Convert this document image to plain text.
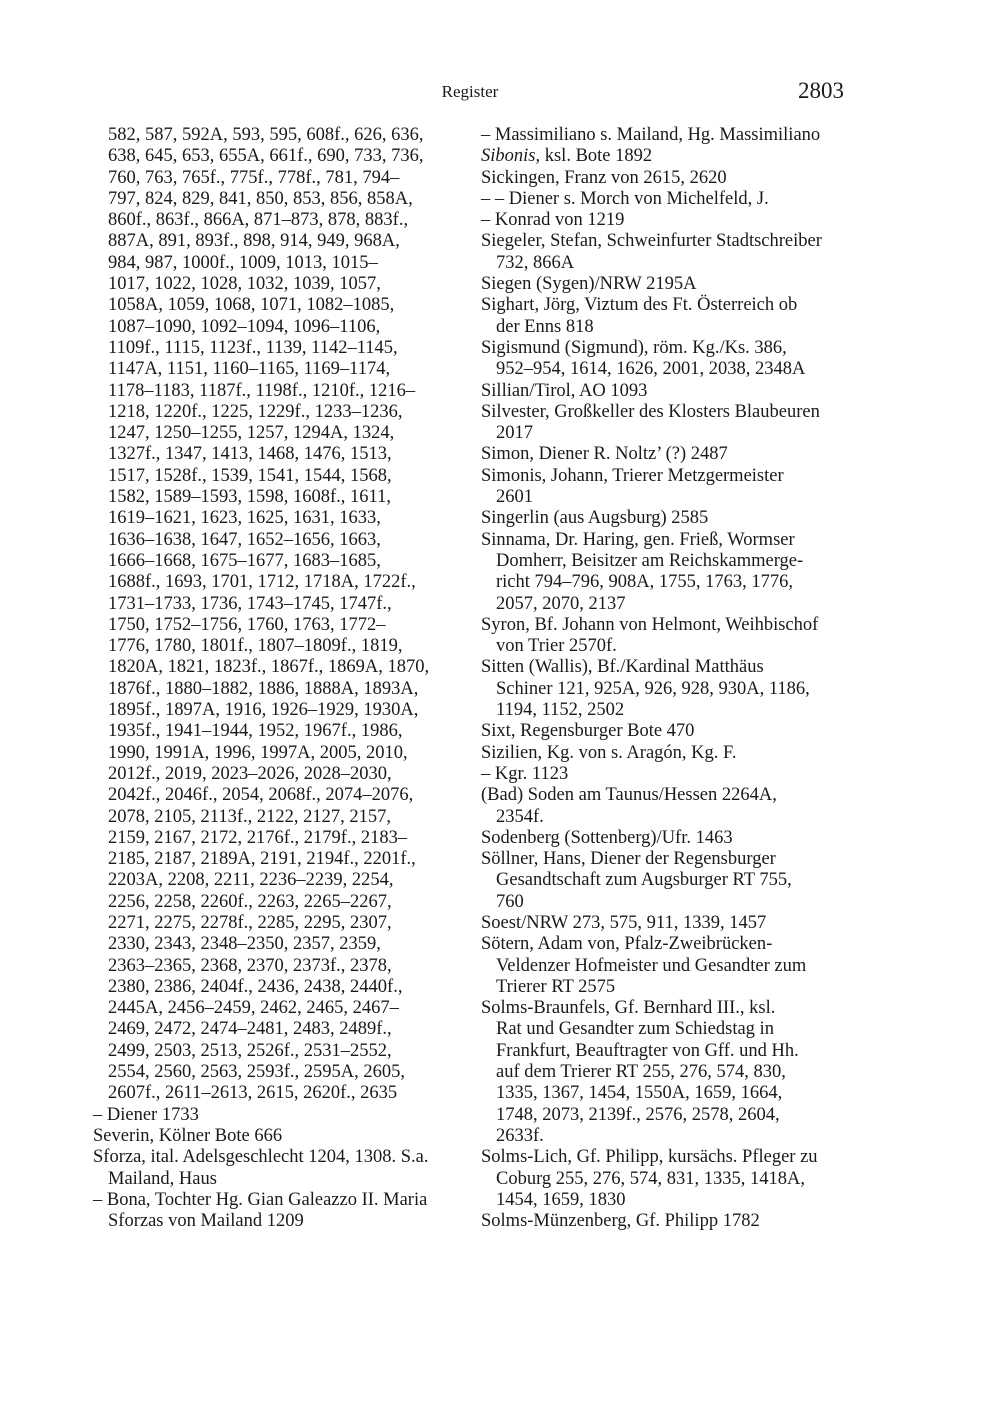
Register	2803
582, 587, 592A, 593, 595, 608f., 626, 636,
638, 645, 653, 655A, 661f., 690, 733, 736,
760, 763, 765f., 775f., 778f., 781, 794–
797, 824, 829, 841, 850, 853, 856, 858A,
860f., 863f., 866A, 871–873, 878, 883f.,
887A, 891, 893f., 898, 914, 949, 968A,
984, 987, 1000f., 1009, 1013, 1015–
1017, 1022, 1028, 1032, 1039, 1057,
1058A, 1059, 1068, 1071, 1082–1085,
1087–1090, 1092–1094, 1096–1106,
1109f., 1115, 1123f., 1139, 1142–1145,
1147A, 1151, 1160–1165, 1169–1174,
1178–1183, 1187f., 1198f., 1210f., 1216–
1218, 1220f., 1225, 1229f., 1233–1236,
1247, 1250–1255, 1257, 1294A, 1324,
1327f., 1347, 1413, 1468, 1476, 1513,
1517, 1528f., 1539, 1541, 1544, 1568,
1582, 1589–1593, 1598, 1608f., 1611,
1619–1621, 1623, 1625, 1631, 1633,
1636–1638, 1647, 1652–1656, 1663,
1666–1668, 1675–1677, 1683–1685,
1688f., 1693, 1701, 1712, 1718A, 1722f.,
1731–1733, 1736, 1743–1745, 1747f.,
1750, 1752–1756, 1760, 1763, 1772–
1776, 1780, 1801f., 1807–1809f., 1819,
1820A, 1821, 1823f., 1867f., 1869A, 1870,
1876f., 1880–1882, 1886, 1888A, 1893A,
1895f., 1897A, 1916, 1926–1929, 1930A,
1935f., 1941–1944, 1952, 1967f., 1986,
1990, 1991A, 1996, 1997A, 2005, 2010,
2012f., 2019, 2023–2026, 2028–2030,
2042f., 2046f., 2054, 2068f., 2074–2076,
2078, 2105, 2113f., 2122, 2127, 2157,
2159, 2167, 2172, 2176f., 2179f., 2183–
2185, 2187, 2189A, 2191, 2194f., 2201f.,
2203A, 2208, 2211, 2236–2239, 2254,
2256, 2258, 2260f., 2263, 2265–2267,
2271, 2275, 2278f., 2285, 2295, 2307,
2330, 2343, 2348–2350, 2357, 2359,
2363–2365, 2368, 2370, 2373f., 2378,
2380, 2386, 2404f., 2436, 2438, 2440f.,
2445A, 2456–2459, 2462, 2465, 2467–
2469, 2472, 2474–2481, 2483, 2489f.,
2499, 2503, 2513, 2526f., 2531–2552,
2554, 2560, 2563, 2593f., 2595A, 2605,
2607f., 2611–2613, 2615, 2620f., 2635
– Diener 1733
Severin, Kölner Bote 666
Sforza, ital. Adelsgeschlecht 1204, 1308. S.a.
Mailand, Haus
– Bona, Tochter Hg. Gian Galeazzo II. Maria
Sforzas von Mailand 1209
– Massimiliano s. Mailand, Hg. Massimiliano
Sibonis, ksl. Bote 1892
Sickingen, Franz von 2615, 2620
– – Diener s. Morch von Michelfeld, J.
– Konrad von 1219
Siegeler, Stefan, Schweinfurter Stadtschreiber
732, 866A
Siegen (Sygen)/NRW 2195A
Sighart, Jörg, Viztum des Ft. Österreich ob
der Enns 818
Sigismund (Sigmund), röm. Kg./Ks. 386,
952–954, 1614, 1626, 2001, 2038, 2348A
Sillian/Tirol, AO 1093
Silvester, Großkeller des Klosters Blaubeuren
2017
Simon, Diener R. Noltz’ (?) 2487
Simonis, Johann, Trierer Metzgermeister
2601
Singerlin (aus Augsburg) 2585
Sinnama, Dr. Haring, gen. Frieß, Wormser
Domherr, Beisitzer am Reichskammerge-
richt 794–796, 908A, 1755, 1763, 1776,
2057, 2070, 2137
Syron, Bf. Johann von Helmont, Weihbischof
von Trier 2570f.
Sitten (Wallis), Bf./Kardinal Matthäus
Schiner 121, 925A, 926, 928, 930A, 1186,
1194, 1152, 2502
Sixt, Regensburger Bote 470
Sizilien, Kg. von s. Aragón, Kg. F.
– Kgr. 1123
(Bad) Soden am Taunus/Hessen 2264A,
2354f.
Sodenberg (Sottenberg)/Ufr. 1463
Söllner, Hans, Diener der Regensburger
Gesandtschaft zum Augsburger RT 755,
760
Soest/NRW 273, 575, 911, 1339, 1457
Sötern, Adam von, Pfalz-Zweibrücken-
Veldenzer Hofmeister und Gesandter zum
Trierer RT 2575
Solms-Braunfels, Gf. Bernhard III., ksl.
Rat und Gesandter zum Schiedstag in
Frankfurt, Beauftragter von Gff. und Hh.
auf dem Trierer RT 255, 276, 574, 830,
1335, 1367, 1454, 1550A, 1659, 1664,
1748, 2073, 2139f., 2576, 2578, 2604,
2633f.
Solms-Lich, Gf. Philipp, kursächs. Pfleger zu
Coburg 255, 276, 574, 831, 1335, 1418A,
1454, 1659, 1830
Solms-Münzenberg, Gf. Philipp 1782
